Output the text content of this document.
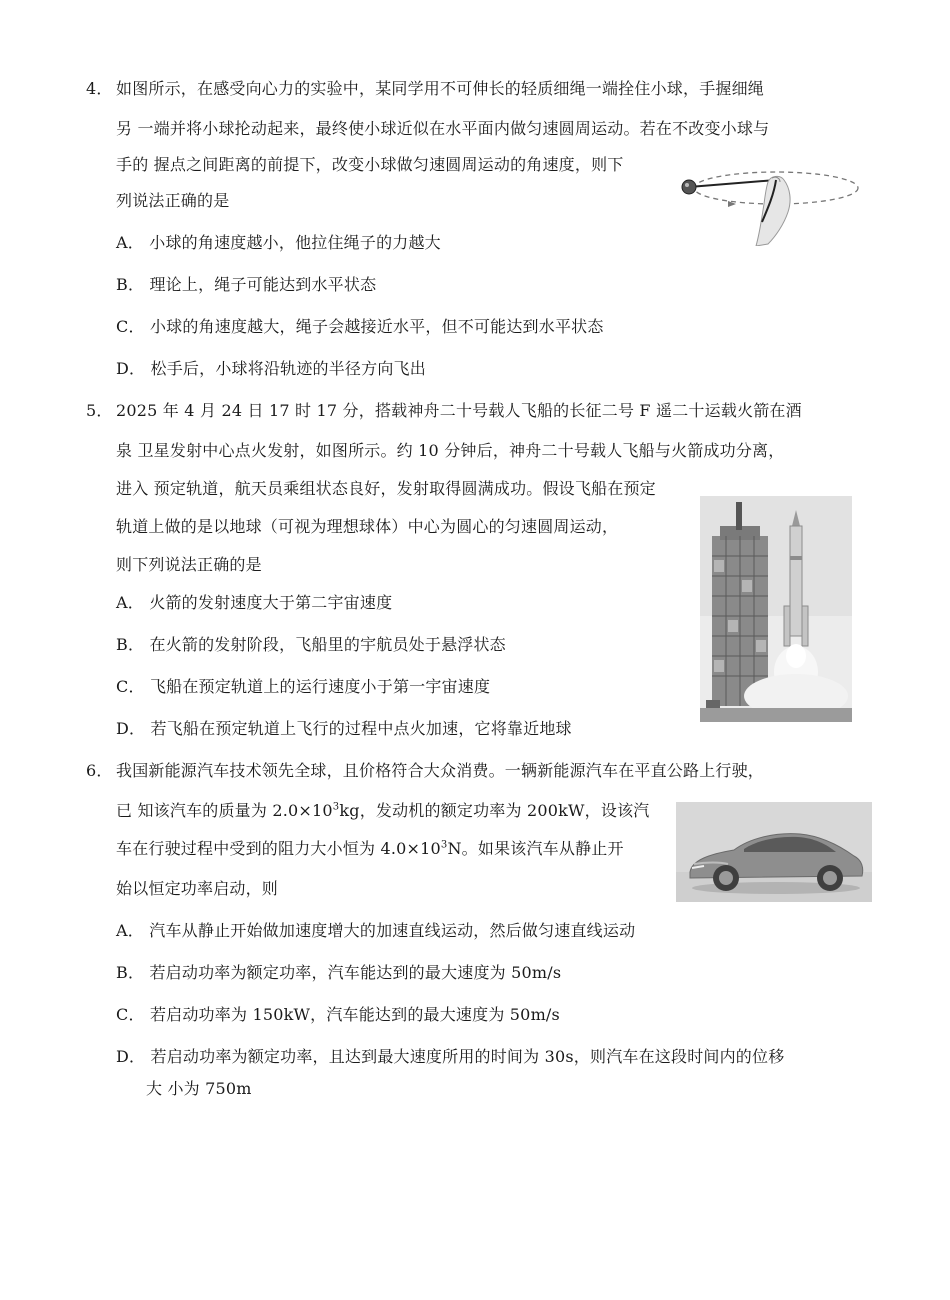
4． 如图所示，在感受向心力的实验中，某同学用不可伸长的轻质细绳一端拴住小球，手握细绳
另 一端并将小球抡动起来，最终使小球近似在水平面内做匀速圆周运动。若在不改变小球与
手的 握点之间距离的前提下，改变小球做匀速圆周运动的角速度，则下
列说法正确的是
A． 小球的角速度越小，他拉住绳子的力越大
B． 理论上，绳子可能达到水平状态
C． 小球的角速度越大，绳子会越接近水平，但不可能达到水平状态
D． 松手后，小球将沿轨迹的半径方向飞出
5． 2025 年 4 月 24 日 17 时 17 分，搭载神舟二十号载人飞船的长征二号 F 遥二十运载火箭在酒
泉 卫星发射中心点火发射，如图所示。约 10 分钟后，神舟二十号载人飞船与火箭成功分离，
进入 预定轨道，航天员乘组状态良好，发射取得圆满成功。假设飞船在预定
轨道上做的是以地球（可视为理想球体）中心为圆心的匀速圆周运动，
则下列说法正确的是
A． 火箭的发射速度大于第二宇宙速度
B． 在火箭的发射阶段，飞船里的宇航员处于悬浮状态
C． 飞船在预定轨道上的运行速度小于第一宇宙速度
D． 若飞船在预定轨道上飞行的过程中点火加速，它将靠近地球
6． 我国新能源汽车技术领先全球，且价格符合大众消费。一辆新能源汽车在平直公路上行驶，
已 知该汽车的质量为 $2.0\times 10^3kg$，发动机的额定功率为 200kW，设该汽
车在行驶过程中受到的阻力大小恒为 $4.0\times 10^3N$。如果该汽车从静止开
始以恒定功率启动，则
A． 汽车从静止开始做加速度增大的加速直线运动，然后做匀速直线运动
B． 若启动功率为额定功率，汽车能达到的最大速度为 50m/s
C． 若启动功率为 150kW，汽车能达到的最大速度为 50m/s
D． 若启动功率为额定功率，且达到最大速度所用的时间为 30s，则汽车在这段时间内的位移
大 小为 750m
